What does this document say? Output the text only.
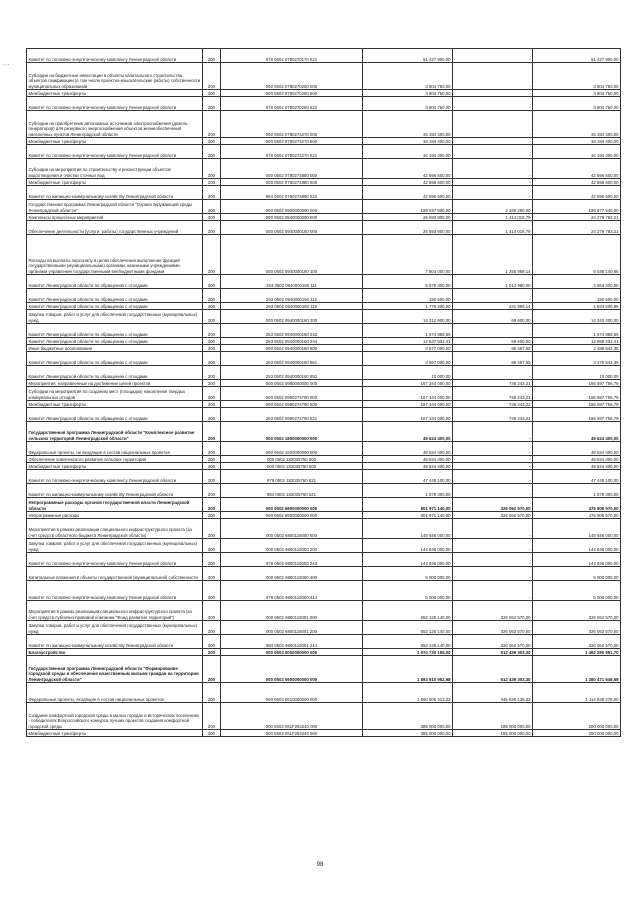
- .-
Комитет по топливно-энергетическому комплексу Ленинградской области	200	978 0502 0780270170 521	51 427 800,00	-	51 427 800,00
Субсидии на бюджетные инвестиции в объекты капитального строительства объектов газификации (в том числе проектно-изыскательские работы) собственности муниципальных образований	200	000 0502 0780270250 000	3 804 750,00	-	3 804 750,00
Межбюджетные трансферты	200	000 0502 0780270250 500	3 804 750,00	-	3 804 750,00
Комитет по топливно-энергетическому комплексу Ленинградской области	200	978 0502 0780270250 522	3 804 750,00	-	3 804 750,00
Субсидии на приобретение автономных источников электроснабжения (дизель-генераторов) для резервного энергоснабжения объектов жизнеобеспечения населенных пунктов Ленинградской области	200	000 0502 0780274270 000	34 194 400,00	-	34 194 400,00
Межбюджетные трансферты	200	000 0502 0780274270 500	34 194 400,00	-	34 194 400,00
Комитет по топливно-энергетическому комплексу Ленинградской области	200	978 0502 0780274270 521	34 194 400,00	-	34 194 400,00
Субсидии на мероприятия по строительству и реконструкции объектов водоотведения и очистки сточных вод	200	000 0502 0780274880 000	42 596 600,00	-	42 596 600,00
Межбюджетные трансферты	200	000 0502 0780274880 500	42 596 600,00	-	42 596 600,00
Комитет по жилищно-коммунальному хозяйству Ленинградской области	200	984 0502 0780274880 522	42 596 600,00	-	42 596 600,00
Государственная программа Ленинградской области "Охрана окружающей среды Ленинградской области"	200	000 0502 0900000000 000	199 037 800,00	2 160 260,00	196 877 540,00
Комплексы процессных мероприятий	200	000 0502 0940000000 000	25 693 800,00	1 414 016,79	24 279 783,21
Обеспечение деятельности (услуги, работы) государственных учреждений	200	000 0502 0940000160 000	25 693 800,00	1 414 016,79	24 279 783,21
Расходы на выплаты персоналу в целях обеспечения выполнения функций государственными (муниципальными) органами, казенными учреждениями, органами управления государственными внебюджетными фондами	200	000 0502 0940000160 100	7 804 000,00	1 255 959,14	6 548 140,86
Комитет Ленинградской области по обращению с отходами	200	253 0502 0940000160 111	5 878 300,00	1 013 980,00	4 864 320,00
Комитет Ленинградской области по обращению с отходами	200	253 0502 0940000160 112	150 500,00	-	150 500,00
Комитет Ленинградской области по обращению с отходами	200	253 0502 0940000160 119	1 775 200,00	241 999,14	1 533 200,86
Закупка товаров, работ и услуг для обеспечения государственных (муниципальных) нужд	200	000 0502 0940000160 200	14 312 800,00	69 600,00	14 243 200,00
Комитет Ленинградской области по обращению с отходами	200	253 0502 0940000160 242	1 674 968,59	-	1 674 968,59
Комитет Ленинградской области по обращению с отходами	200	253 0502 0940000160 244	12 637 831,41	69 600,00	12 568 231,41
Иные бюджетные ассигнования	200	000 0502 0940000160 800	3 577 000,00	88 457,65	3 488 542,35
Комитет Ленинградской области по обращению с отходами	200	253 0502 0940000160 851	3 567 000,00	88 457,65	3 478 542,35
Комитет Ленинградской области по обращению с отходами	200	253 0502 0940000160 852	10 000,00	-	10 000,00
Мероприятия, направленные на достижение целей проектов	200	000 0502 0980000000 000	167 344 000,00	746 243,21	166 597 756,79
Субсидии на мероприятия по созданию мест (площадок) накопления твердых коммунальных отходов	200	000 0502 0980274790 000	167 344 000,00	746 243,21	166 597 756,79
Межбюджетные трансферты	200	000 0502 0980274790 500	167 344 000,00	746 243,21	166 597 756,79
Комитет Ленинградской области по обращению с отходами	200	253 0502 0980274790 521	167 344 000,00	746 243,21	166 597 756,79
Государственная программа Ленинградской области "Комплексное развитие сельских территорий Ленинградской области"	200	000 0502 1800000000 000	49 524 400,00	-	49 524 400,00
Федеральные проекты, не входящие в состав национальных проектов	200	000 0502 1820000000 000	48 524 400,00	-	48 524 400,00
Обеспечение комплексного развития сельских территорий	200	000 0502 182035760 000	48 524 400,00	-	48 524 400,00
Межбюджетные трансферты	200	000 0502 182035760 500	48 524 400,00	-	48 524 400,00
Комитет по топливно-энергетическому комплексу Ленинградской области	200	978 0502 182035760 521	47 445 100,00	-	47 445 100,00
Комитет по жилищно-коммунальному хозяйству Ленинградской области	200	984 0502 182035760 521	1 079 300,00	-	1 079 300,00
Непрограммные расходы органов государственной власти Ленинградской области	200	000 0502 6800000000 000	801 971 140,00	326 062 570,00	475 908 570,00
Непрограммные расходы	200	000 0502 6800000000 000	801 971 140,00	326 062 570,00	475 908 570,00
Мероприятия в рамках реализации специального инфраструктурного проекта (за счет средств областного бюджета Ленинградской области)	200	000 0502 6800116000 000	149 846 000,00	-	149 846 000,00
Закупка товаров, работ и услуг для обеспечения государственных (муниципальных) нужд	200	000 0502 6800116000 200	144 846 000,00	-	144 846 000,00
Комитет по топливно-энергетическому комплексу Ленинградской области	200	978 0502 6800116000 243	144 846 000,00	-	144 846 000,00
Капитальные вложения в объекты государственной (муниципальной) собственности	200	000 0502 6800116000 400	5 000 000,00	-	5 000 000,00
Комитет по топливно-энергетическому комплексу Ленинградской области	200	978 0502 6800116000 414	5 000 000,00	-	5 000 000,00
Мероприятия в рамках реализации специального инфраструктурного проекта (за счет средств публично-правовой компании "Фонд развития территорий")	200	000 0502 6800116001 000	652 125 140,00	326 062 570,00	326 062 570,00
Закупка товаров, работ и услуг для обеспечения государственных (муниципальных) нужд	200	000 0502 6800116001 200	652 125 140,00	326 062 570,00	326 062 570,00
Комитет по жилищно-коммунальному хозяйству Ленинградской области	200	984 0502 6800116001 244	652 125 140,00	326 062 570,00	326 062 570,00
Благоустройство	200	000 0503 0000000000 000	1 974 730 155,00	512 439 303,30	1 462 290 851,70
Государственная программа Ленинградской области "Формирование городской среды и обеспечение качественным жильем граждан на территории Ленинградской области"	200	000 0503 0600000000 000	1 893 910 952,98	512 439 303,30	1 380 471 649,68
Федеральные проекты, входящие в состав национальных проектов	200	000 0503 0610000000 000	1 560 505 413,33	445 626 135,33	1 114 839 278,00
Создание комфортной городской среды в малых городах и исторических поселениях - победителях Всероссийского конкурса лучших проектов создания комфортной городской среды	200	000 0503 061F254240 000	385 000 000,00	185 000 000,00	200 000 000,00
Межбюджетные трансферты	200	000 0503 061F254240 500	385 000 000,00	185 000 000,00	200 000 000,00
98
